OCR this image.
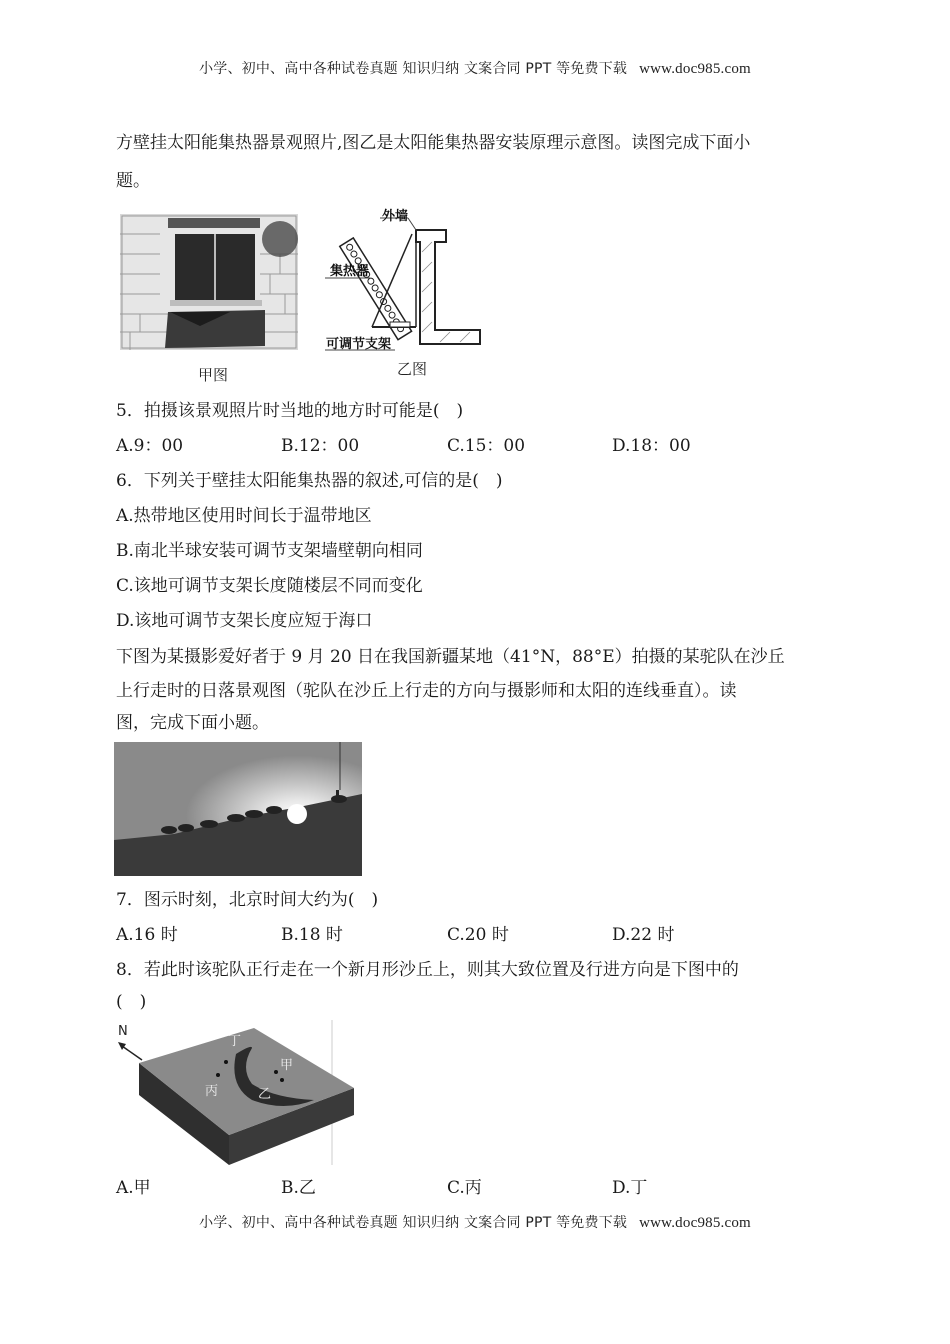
小学、初中、高中各种试卷真题 知识归纳 文案合同 PPT 等免费下载 www.doc985.com
方壁挂太阳能集热器景观照片,图乙是太阳能集热器安装原理示意图。读图完成下面小
题。
甲图
外墙
集热器
可调节支架
乙图
5．拍摄该景观照片时当地的地方时可能是(　)
A.9：00	B.12：00	C.15：00	D.18：00
6．下列关于壁挂太阳能集热器的叙述,可信的是(　)
A.热带地区使用时间长于温带地区
B.南北半球安装可调节支架墙壁朝向相同
C.该地可调节支架长度随楼层不同而变化
D.该地可调节支架长度应短于海口
下图为某摄影爱好者于 9 月 20 日在我国新疆某地（41°N，88°E）拍摄的某驼队在沙丘
上行走时的日落景观图（驼队在沙丘上行走的方向与摄影师和太阳的连线垂直）。读
图，完成下面小题。
7．图示时刻，北京时间大约为(　)
A.16 时	B.18 时	C.20 时	D.22 时
8．若此时该驼队正行走在一个新月形沙丘上，则其大致位置及行进方向是下图中的
(　)
N
丁
甲
丙	乙
A.甲	B.乙	C.丙	D.丁
小学、初中、高中各种试卷真题 知识归纳 文案合同 PPT 等免费下载 www.doc985.com
